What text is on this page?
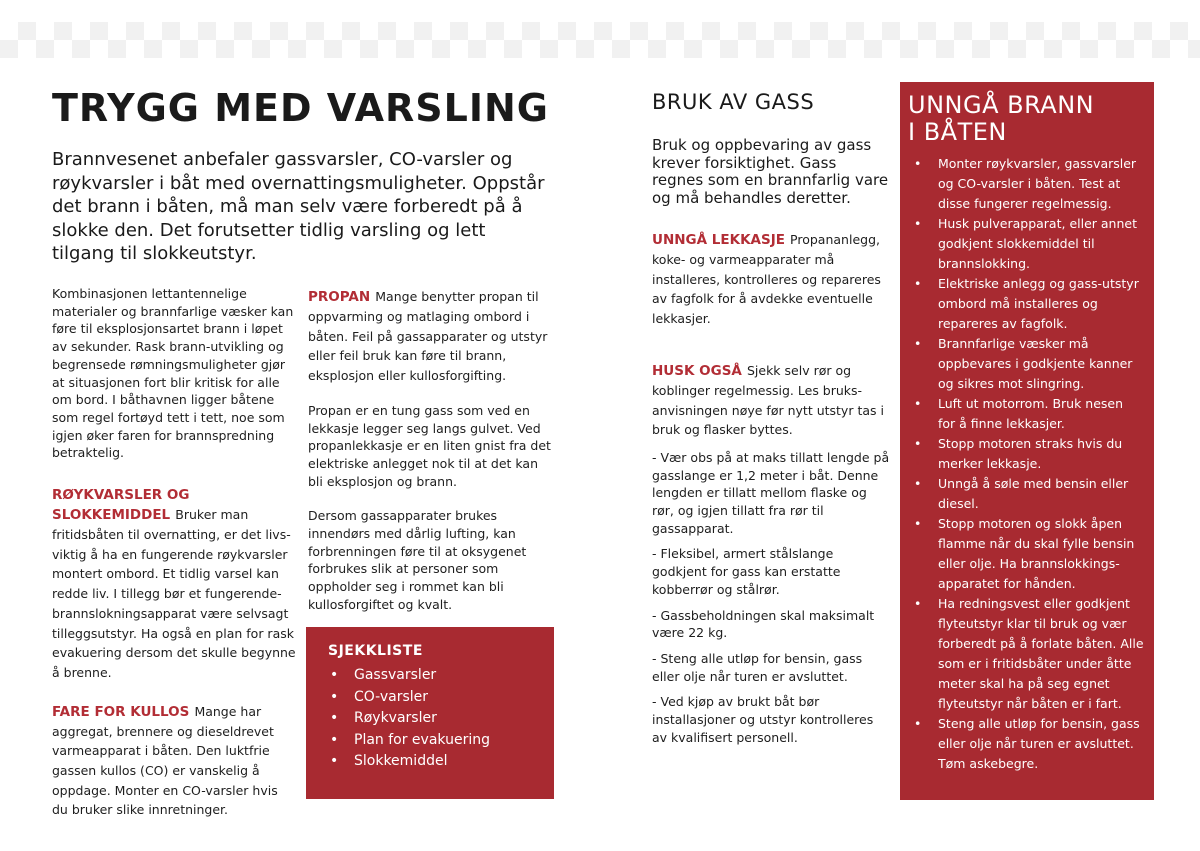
TRYGG MED VARSLING

Brannvesenet anbefaler gassvarsler, CO-varsler og røykvarsler i båt med overnattingsmuligheter. Oppstår det brann i båten, må man selv være forberedt på å slokke den. Det forutsetter tidlig varsling og lett tilgang til slokkeutstyr.

Kombinasjonen lettantennelige materialer og brannfarlige væsker kan føre til eksplosjonsartet brann i løpet av sekunder. Rask brann-utvikling og begrensede rømningsmuligheter gjør at situasjonen fort blir kritisk for alle om bord. I båthavnen ligger båtene som regel fortøyd tett i tett, noe som igjen øker faren for brannspredning betraktelig.

RØYKVARSLER OG SLOKKEMIDDEL Bruker man fritidsbåten til overnatting, er det livs-viktig å ha en fungerende røykvarsler montert ombord. Et tidlig varsel kan redde liv. I tillegg bør et fungerende-brannslokningsapparat være selvsagt tilleggsutstyr. Ha også en plan for rask evakuering dersom det skulle begynne å brenne.
FARE FOR KULLOS Mange har aggregat, brennere og dieseldrevet varmeapparat i båten. Den luktfrie gassen kullos (CO) er vanskelig å oppdage. Monter en CO-varsler hvis du bruker slike innretninger.
PROPAN Mange benytter propan til oppvarming og matlaging ombord i båten. Feil på gassapparater og utstyr eller feil bruk kan føre til brann, eksplosjon eller kullosforgifting.

Propan er en tung gass som ved en lekkasje legger seg langs gulvet. Ved propanlekkasje er en liten gnist fra det elektriske anlegget nok til at det kan bli eksplosjon og brann.

Dersom gassapparater brukes innendørs med dårlig lufting, kan forbrenningen føre til at oksygenet forbrukes slik at personer som oppholder seg i rommet kan bli kullosforgiftet og kvalt.

SJEKKLISTE
• Gassvarsler
• CO-varsler
• Røykvarsler
• Plan for evakuering
• Slokkemiddel
BRUK AV GASS

Bruk og oppbevaring av gass krever forsiktighet. Gass regnes som en brannfarlig vare og må behandles deretter.

UNNGÅ LEKKASJE Propananlegg, koke- og varmeapparater må installeres, kontrolleres og repareres av fagfolk for å avdekke eventuelle lekkasjer.
HUSK OGSÅ Sjekk selv rør og koblinger regelmessig. Les bruks-anvisningen nøye før nytt utstyr tas i bruk og flasker byttes.

- Vær obs på at maks tillatt lengde på gasslange er 1,2 meter i båt. Denne lengden er tillatt mellom flaske og rør, og igjen tillatt fra rør til gassapparat.

- Fleksibel, armert stålslange godkjent for gass kan erstatte kobberrør og stålrør.

- Gassbeholdningen skal maksimalt være 22 kg.

- Steng alle utløp for bensin, gass eller olje når turen er avsluttet.

- Ved kjøp av brukt båt bør installasjoner og utstyr kontrolleres av kvalifisert personell.

UNNGÅ BRANN
I BÅTEN
• Monter røykvarsler, gassvarsler og CO-varsler i båten. Test at disse fungerer regelmessig.
• Husk pulverapparat, eller annet godkjent slokkemiddel til brannslokking.
• Elektriske anlegg og gass-utstyr ombord må installeres og repareres av fagfolk.
• Brannfarlige væsker må oppbevares i godkjente kanner og sikres mot slingring.
• Luft ut motorrom. Bruk nesen for å finne lekkasjer.
• Stopp motoren straks hvis du merker lekkasje.
• Unngå å søle med bensin eller diesel.
• Stopp motoren og slokk åpen flamme når du skal fylle bensin eller olje. Ha brannslokkings-apparatet for hånden.
• Ha redningsvest eller godkjent flyteutstyr klar til bruk og vær forberedt på å forlate båten. Alle som er i fritidsbåter under åtte meter skal ha på seg egnet flyteutstyr når båten er i fart.
• Steng alle utløp for bensin, gass eller olje når turen er avsluttet. Tøm askebegre.
